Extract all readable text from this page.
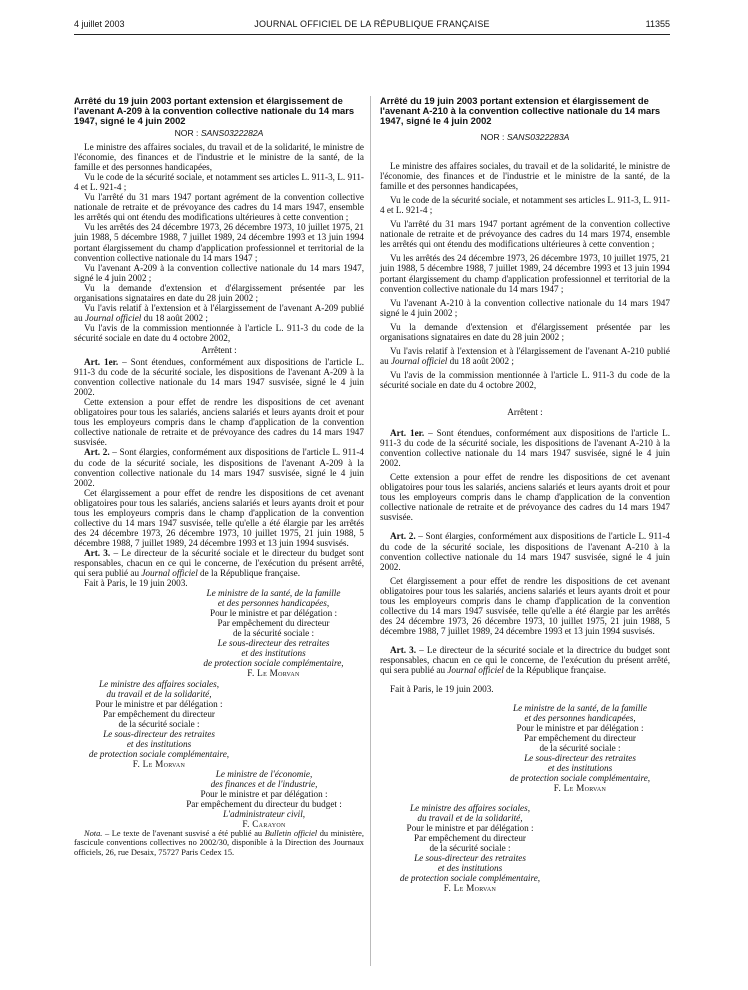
4 juillet 2003	JOURNAL OFFICIEL DE LA RÉPUBLIQUE FRANÇAISE	11355
Arrêté du 19 juin 2003 portant extension et élargissement de l'avenant A-209 à la convention collective nationale du 14 mars 1947, signé le 4 juin 2002
NOR : SANS0322282A

Le ministre des affaires sociales, du travail et de la solidarité, le ministre de l'économie, des finances et de l'industrie et le ministre de la santé, de la famille et des personnes handicapées,

Vu le code de la sécurité sociale, et notamment ses articles L. 911-3, L. 911-4 et L. 921-4 ;

Vu l'arrêté du 31 mars 1947 portant agrément de la convention collective nationale de retraite et de prévoyance des cadres du 14 mars 1947, ensemble les arrêtés qui ont étendu des modifications ultérieures à cette convention ;

Vu les arrêtés des 24 décembre 1973, 26 décembre 1973, 10 juillet 1975, 21 juin 1988, 5 décembre 1988, 7 juillet 1989, 24 décembre 1993 et 13 juin 1994 portant élargissement du champ d'application professionnel et territorial de la convention collective nationale du 14 mars 1947 ;

Vu l'avenant A-209 à la convention collective nationale du 14 mars 1947, signé le 4 juin 2002 ;

Vu la demande d'extension et d'élargissement présentée par les organisations signataires en date du 28 juin 2002 ;

Vu l'avis relatif à l'extension et à l'élargissement de l'avenant A-209 publié au Journal officiel du 18 août 2002 ;

Vu l'avis de la commission mentionnée à l'article L. 911-3 du code de la sécurité sociale en date du 4 octobre 2002,

Arrêtent :

Art. 1er. – Sont étendues, conformément aux dispositions de l'article L. 911-3 du code de la sécurité sociale, les dispositions de l'avenant A-209 à la convention collective nationale du 14 mars 1947 susvisée, signé le 4 juin 2002.

Cette extension a pour effet de rendre les dispositions de cet avenant obligatoires pour tous les salariés, anciens salariés et leurs ayants droit et pour tous les employeurs compris dans le champ d'application de la convention collective nationale de retraite et de prévoyance des cadres du 14 mars 1947 susvisée.

Art. 2. – Sont élargies, conformément aux dispositions de l'article L. 911-4 du code de la sécurité sociale, les dispositions de l'avenant A-209 à la convention collective nationale du 14 mars 1947 susvisée, signé le 4 juin 2002.

Cet élargissement a pour effet de rendre les dispositions de cet avenant obligatoires pour tous les salariés, anciens salariés et leurs ayants droit et pour tous les employeurs compris dans le champ d'application de la convention collective du 14 mars 1947 susvisée, telle qu'elle a été élargie par les arrêtés des 24 décembre 1973, 26 décembre 1973, 10 juillet 1975, 21 juin 1988, 5 décembre 1988, 7 juillet 1989, 24 décembre 1993 et 13 juin 1994 susvisés.

Art. 3. – Le directeur de la sécurité sociale et le directeur du budget sont responsables, chacun en ce qui le concerne, de l'exécution du présent arrêté, qui sera publié au Journal officiel de la République française.

Fait à Paris, le 19 juin 2003.

Le ministre de la santé, de la famille
et des personnes handicapées,
Pour le ministre et par délégation :
Par empêchement du directeur
de la sécurité sociale :
Le sous-directeur des retraites
et des institutions
de protection sociale complémentaire,
F. Le Morvan
Le ministre des affaires sociales,
du travail et de la solidarité,
Pour le ministre et par délégation :
Par empêchement du directeur
de la sécurité sociale :
Le sous-directeur des retraites
et des institutions
de protection sociale complémentaire,
F. Le Morvan
Le ministre de l'économie,
des finances et de l'industrie,
Pour le ministre et par délégation :
Par empêchement du directeur du budget :
L'administrateur civil,
F. Carayon

Nota. – Le texte de l'avenant susvisé a été publié au Bulletin officiel du ministère, fascicule conventions collectives no 2002/30, disponible à la Direction des Journaux officiels, 26, rue Desaix, 75727 Paris Cedex 15.

Arrêté du 19 juin 2003 portant extension et élargissement de l'avenant A-210 à la convention collective nationale du 14 mars 1947, signé le 4 juin 2002
NOR : SANS0322283A

Le ministre des affaires sociales, du travail et de la solidarité, le ministre de l'économie, des finances et de l'industrie et le ministre de la santé, de la famille et des personnes handicapées,

Vu le code de la sécurité sociale, et notamment ses articles L. 911-3, L. 911-4 et L. 921-4 ;

Vu l'arrêté du 31 mars 1947 portant agrément de la convention collective nationale de retraite et de prévoyance des cadres du 14 mars 1974, ensemble les arrêtés qui ont étendu des modifications ultérieures à cette convention ;

Vu les arrêtés des 24 décembre 1973, 26 décembre 1973, 10 juillet 1975, 21 juin 1988, 5 décembre 1988, 7 juillet 1989, 24 décembre 1993 et 13 juin 1994 portant élargissement du champ d'application professionnel et territorial de la convention collective nationale du 14 mars 1947 ;

Vu l'avenant A-210 à la convention collective nationale du 14 mars 1947 signé le 4 juin 2002 ;

Vu la demande d'extension et d'élargissement présentée par les organisations signataires en date du 28 juin 2002 ;

Vu l'avis relatif à l'extension et à l'élargissement de l'avenant A-210 publié au Journal officiel du 18 août 2002 ;

Vu l'avis de la commission mentionnée à l'article L. 911-3 du code de la sécurité sociale en date du 4 octobre 2002,

Arrêtent :

Art. 1er. – Sont étendues, conformément aux dispositions de l'article L. 911-3 du code de la sécurité sociale, les dispositions de l'avenant A-210 à la convention collective nationale du 14 mars 1947 susvisée, signé le 4 juin 2002.

Cette extension a pour effet de rendre les dispositions de cet avenant obligatoires pour tous les salariés, anciens salariés et leurs ayants droit et pour tous les employeurs compris dans le champ d'application de la convention collective nationale de retraite et de prévoyance des cadres du 14 mars 1947 susvisée.

Art. 2. – Sont élargies, conformément aux dispositions de l'article L. 911-4 du code de la sécurité sociale, les dispositions de l'avenant A-210 à la convention collective nationale du 14 mars 1947 susvisée, signé le 4 juin 2002.

Cet élargissement a pour effet de rendre les dispositions de cet avenant obligatoires pour tous les salariés, anciens salariés et leurs ayants droit et pour tous les employeurs compris dans le champ d'application de la convention collective du 14 mars 1947 susvisée, telle qu'elle a été élargie par les arrêtés des 24 décembre 1973, 26 décembre 1973, 10 juillet 1975, 21 juin 1988, 5 décembre 1988, 7 juillet 1989, 24 décembre 1993 et 13 juin 1994 susvisés.

Art. 3. – Le directeur de la sécurité sociale et la directrice du budget sont responsables, chacun en ce qui le concerne, de l'exécution du présent arrêté, qui sera publié au Journal officiel de la République française.

Fait à Paris, le 19 juin 2003.

Le ministre de la santé, de la famille
et des personnes handicapées,
Pour le ministre et par délégation :
Par empêchement du directeur
de la sécurité sociale :
Le sous-directeur des retraites
et des institutions
de protection sociale complémentaire,
F. Le Morvan
Le ministre des affaires sociales,
du travail et de la solidarité,
Pour le ministre et par délégation :
Par empêchement du directeur
de la sécurité sociale :
Le sous-directeur des retraites
et des institutions
de protection sociale complémentaire,
F. Le Morvan
